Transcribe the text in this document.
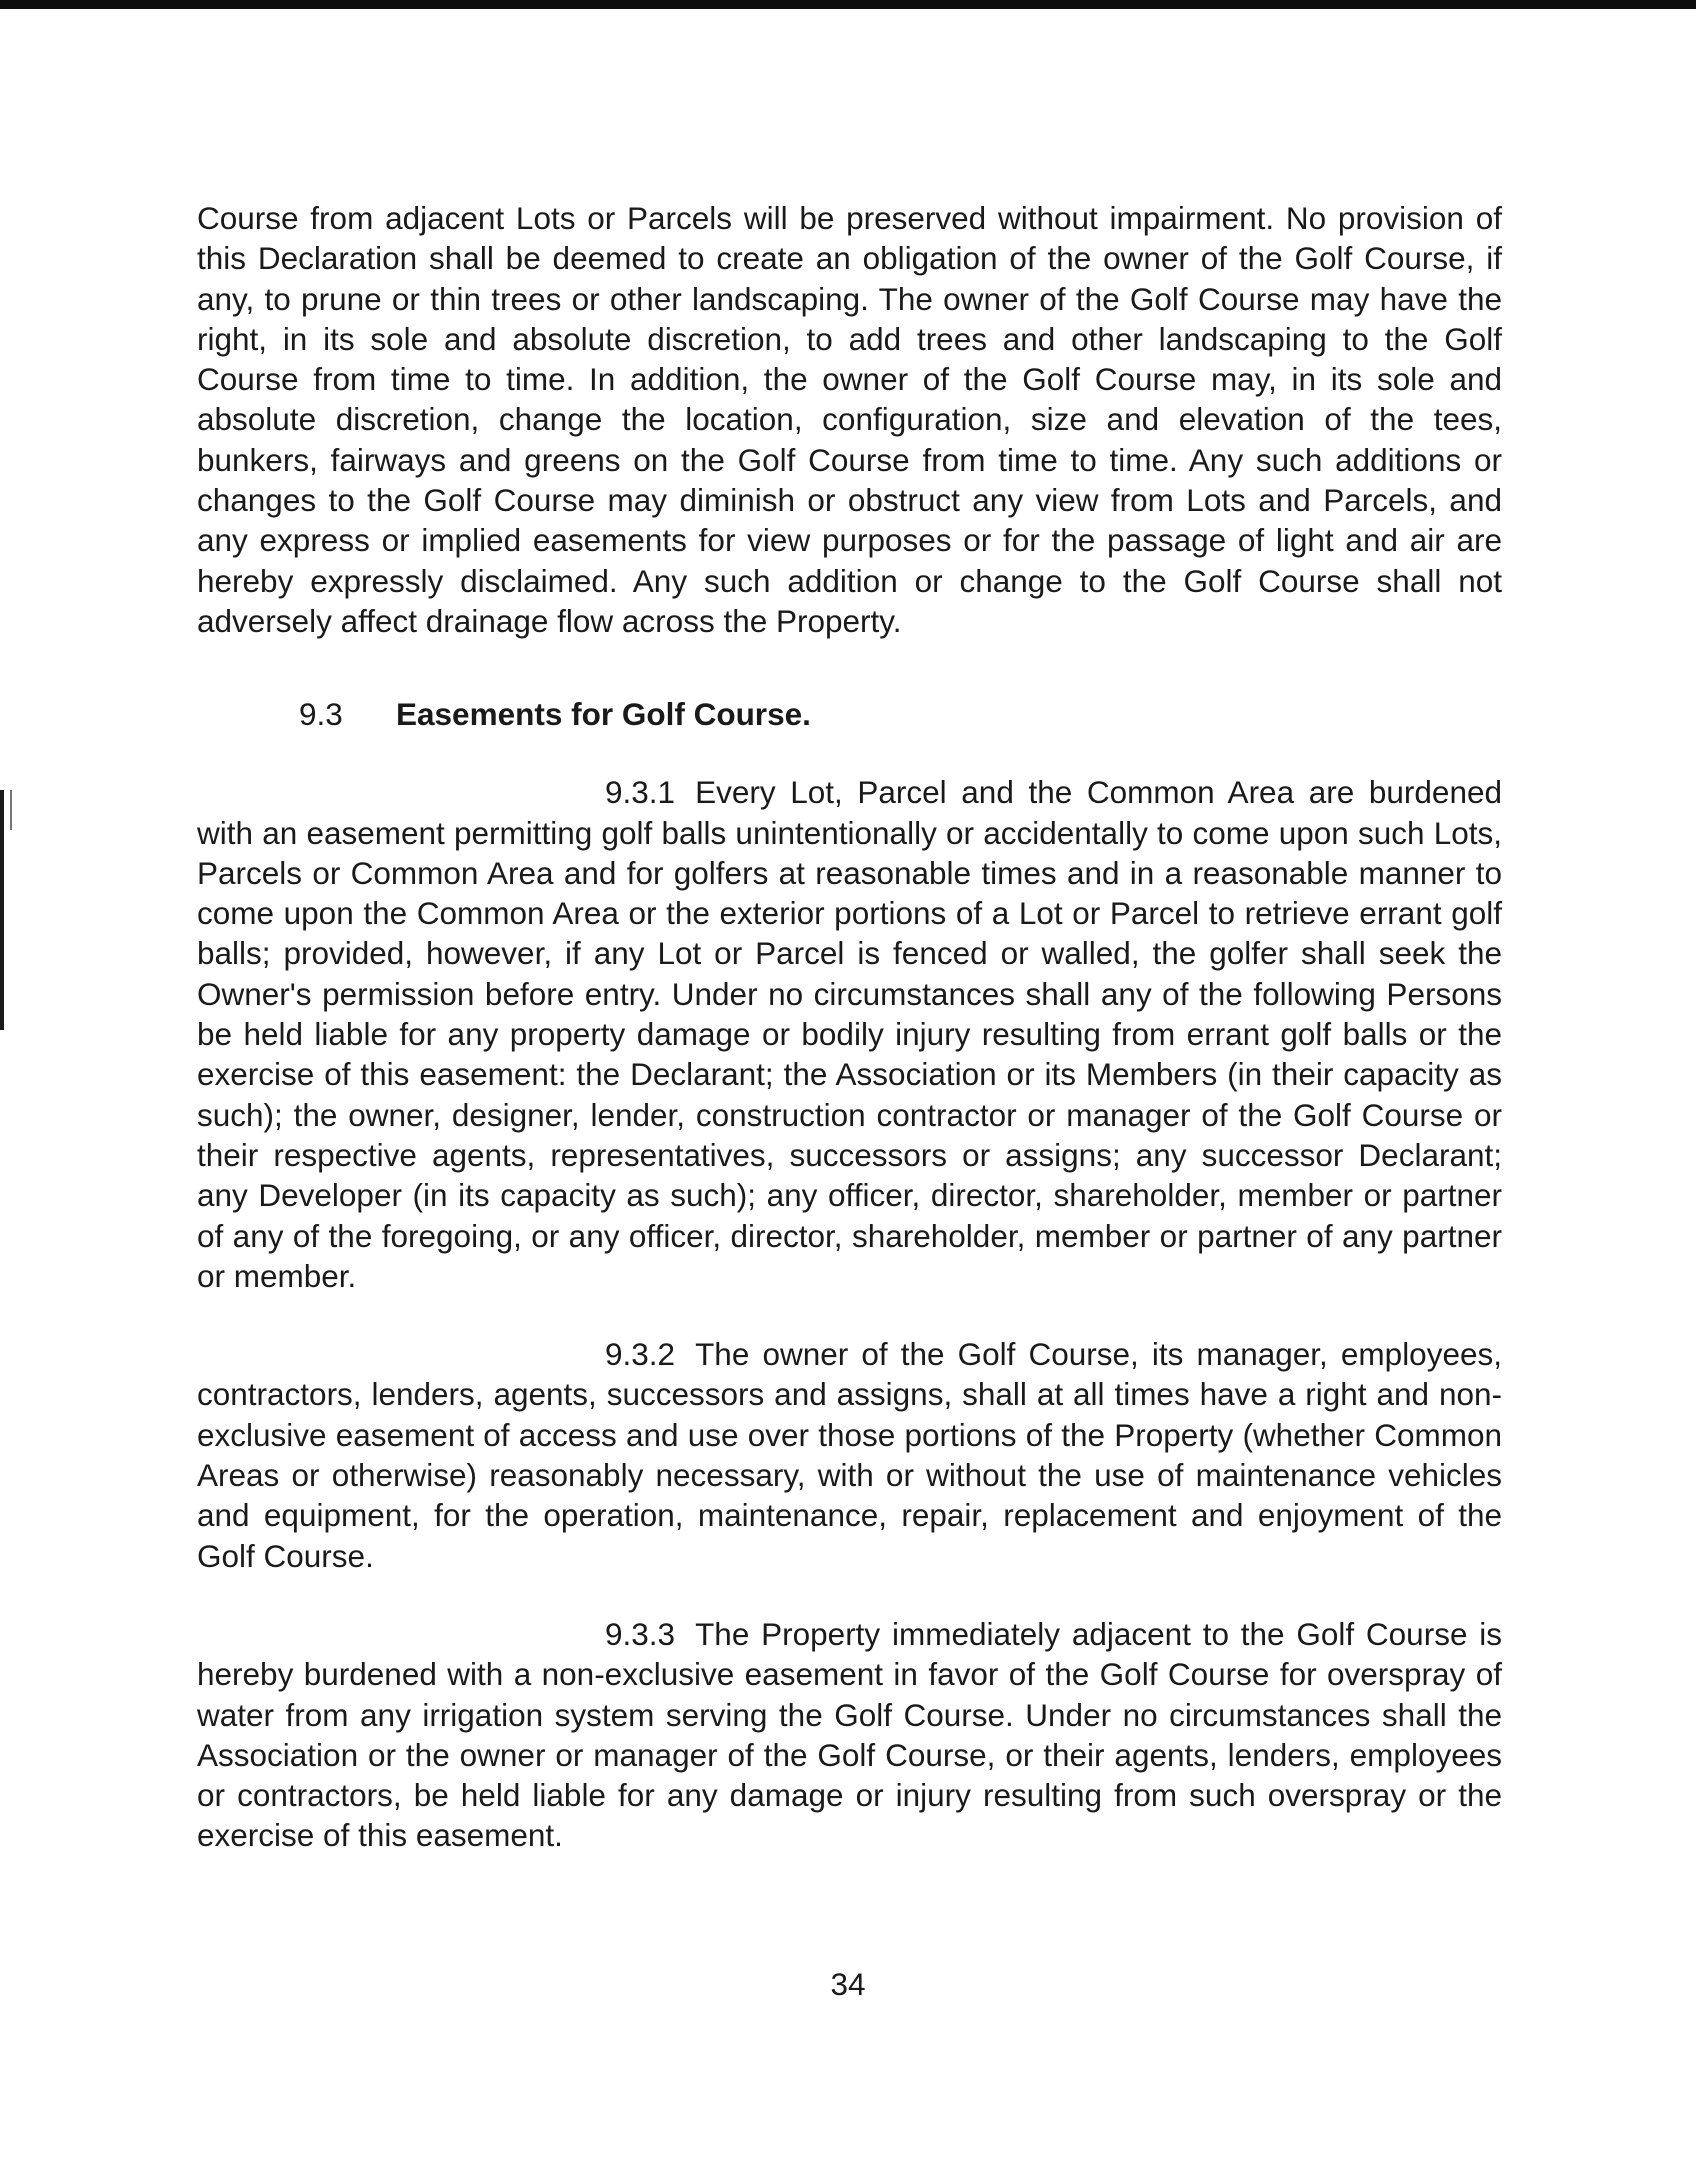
Course from adjacent Lots or Parcels will be preserved without impairment. No provision of this Declaration shall be deemed to create an obligation of the owner of the Golf Course, if any, to prune or thin trees or other landscaping. The owner of the Golf Course may have the right, in its sole and absolute discretion, to add trees and other landscaping to the Golf Course from time to time. In addition, the owner of the Golf Course may, in its sole and absolute discretion, change the location, configuration, size and elevation of the tees, bunkers, fairways and greens on the Golf Course from time to time. Any such additions or changes to the Golf Course may diminish or obstruct any view from Lots and Parcels, and any express or implied easements for view purposes or for the passage of light and air are hereby expressly disclaimed. Any such addition or change to the Golf Course shall not adversely affect drainage flow across the Property.

9.3 Easements for Golf Course.

9.3.1 Every Lot, Parcel and the Common Area are burdened with an easement permitting golf balls unintentionally or accidentally to come upon such Lots, Parcels or Common Area and for golfers at reasonable times and in a reasonable manner to come upon the Common Area or the exterior portions of a Lot or Parcel to retrieve errant golf balls; provided, however, if any Lot or Parcel is fenced or walled, the golfer shall seek the Owner's permission before entry. Under no circumstances shall any of the following Persons be held liable for any property damage or bodily injury resulting from errant golf balls or the exercise of this easement: the Declarant; the Association or its Members (in their capacity as such); the owner, designer, lender, construction contractor or manager of the Golf Course or their respective agents, representatives, successors or assigns; any successor Declarant; any Developer (in its capacity as such); any officer, director, shareholder, member or partner of any of the foregoing, or any officer, director, shareholder, member or partner of any partner or member.

9.3.2 The owner of the Golf Course, its manager, employees, contractors, lenders, agents, successors and assigns, shall at all times have a right and non-exclusive easement of access and use over those portions of the Property (whether Common Areas or otherwise) reasonably necessary, with or without the use of maintenance vehicles and equipment, for the operation, maintenance, repair, replacement and enjoyment of the Golf Course.

9.3.3 The Property immediately adjacent to the Golf Course is hereby burdened with a non-exclusive easement in favor of the Golf Course for overspray of water from any irrigation system serving the Golf Course. Under no circumstances shall the Association or the owner or manager of the Golf Course, or their agents, lenders, employees or contractors, be held liable for any damage or injury resulting from such overspray or the exercise of this easement.

34
